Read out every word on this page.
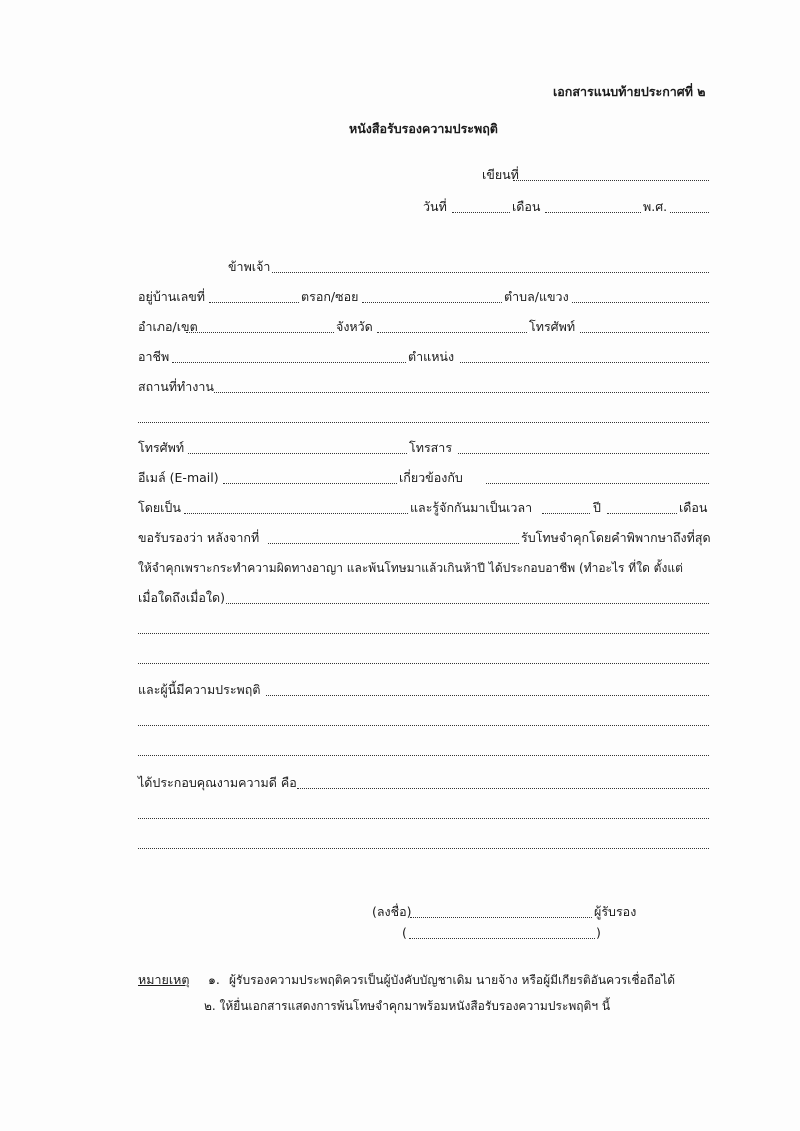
เอกสารแนบท้ายประกาศที่ ๒
หนังสือรับรองความประพฤติ
เขียนที่
วันที่	เดือน	พ.ศ.
ข้าพเจ้า
อยู่บ้านเลขที่	ตรอก/ซอย	ตำบล/แขวง
อำเภอ/เขต	จังหวัด	โทรศัพท์
อาชีพ	ตำแหน่ง
สถานที่ทำงาน
โทรศัพท์	โทรสาร
อีเมล์ (E-mail)	เกี่ยวข้องกับ
โดยเป็น	และรู้จักกันมาเป็นเวลา	ปี	เดือน
ขอรับรองว่า หลังจากที่	รับโทษจำคุกโดยคำพิพากษาถึงที่สุด
ให้จำคุกเพราะกระทำความผิดทางอาญา และพ้นโทษมาแล้วเกินห้าปี ได้ประกอบอาชีพ (ทำอะไร ที่ใด ตั้งแต่
เมื่อใดถึงเมื่อใด)
และผู้นี้มีความประพฤติ
ได้ประกอบคุณงามความดี คือ
(ลงชื่อ)	ผู้รับรอง
(	)
หมายเหตุ ๑. ผู้รับรองความประพฤติควรเป็นผู้บังคับบัญชาเดิม นายจ้าง หรือผู้มีเกียรติอันควรเชื่อถือได้
๒. ให้ยื่นเอกสารแสดงการพ้นโทษจำคุกมาพร้อมหนังสือรับรองความประพฤติฯ นี้
